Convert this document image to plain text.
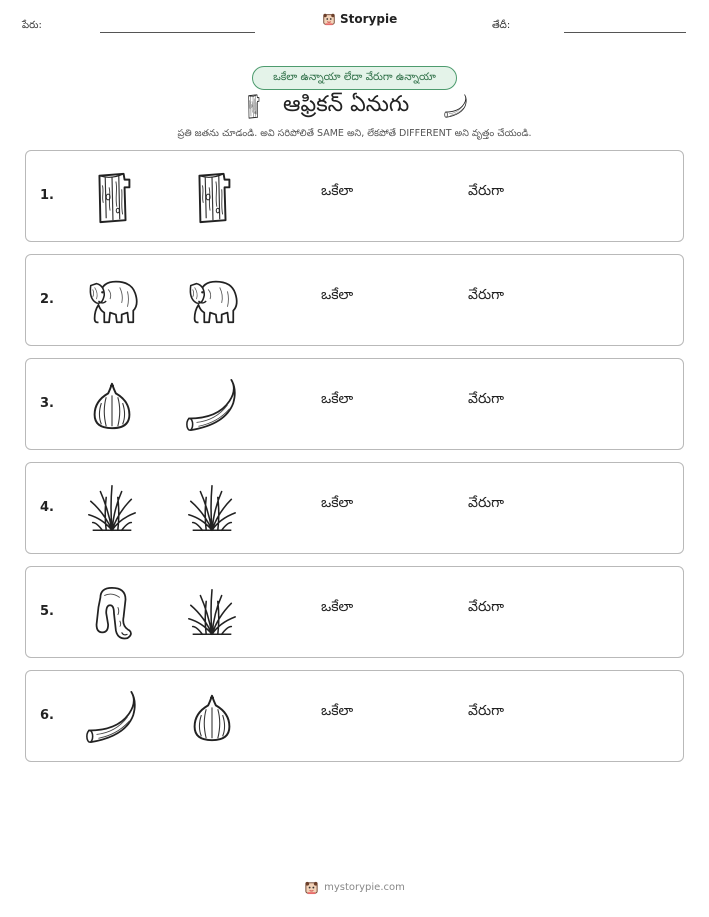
పేరు:	Storypie	తేదీ:
ఒకేలా ఉన్నాయా లేదా వేరుగా ఉన్నాయా
ఆఫ్రికన్ ఏనుగు
ప్రతి జతను చూడండి. అవి సరిపోలితే SAME అని, లేకపోతే DIFFERENT అని వృత్తం చేయండి.
1.	ఒకేలా	వేరుగా
2.	ఒకేలా	వేరుగా
3.	ఒకేలా	వేరుగా
4.	ఒకేలా	వేరుగా
5.	ఒకేలా	వేరుగా
6.	ఒకేలా	వేరుగా
mystorypie.com
